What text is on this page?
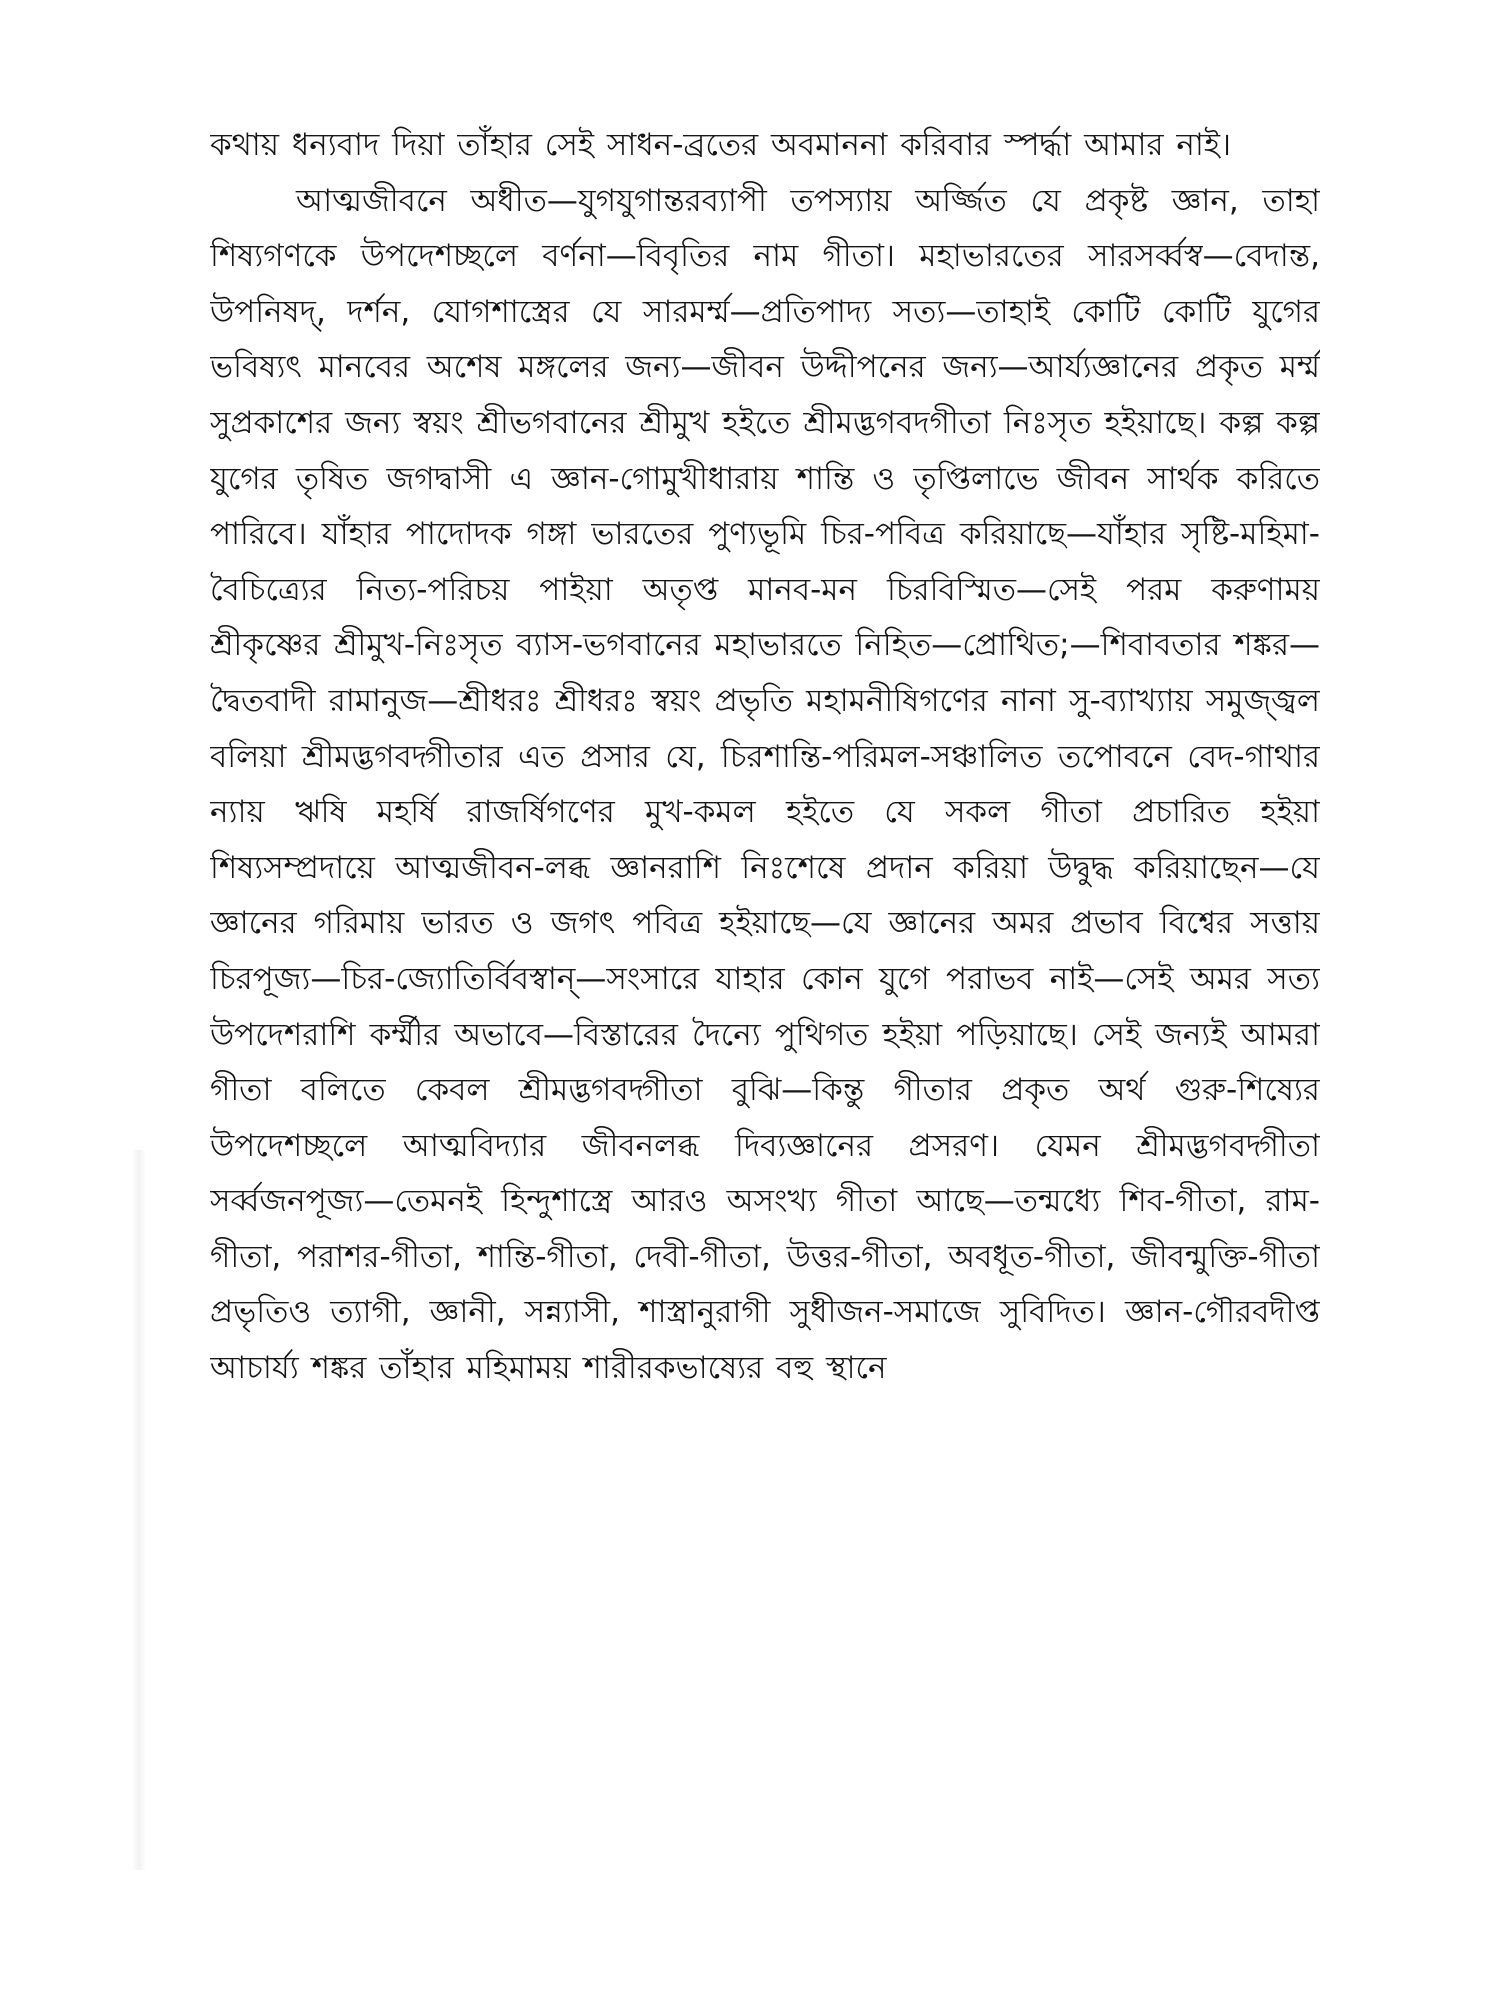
কথায় ধন্যবাদ দিয়া তাঁহার সেই সাধন-ব্রতের অবমাননা করিবার স্পর্দ্ধা আমার নাই।

আত্মজীবনে অধীত—যুগযুগান্তরব্যাপী তপস্যায় অর্জ্জিত যে প্রকৃষ্ট জ্ঞান, তাহা শিষ্যগণকে উপদেশচ্ছলে বর্ণনা—বিবৃতির নাম গীতা। মহাভারতের সারসর্ব্বস্ব—বেদান্ত, উপনিষদ্, দর্শন, যোগশাস্ত্রের যে সারমর্ম্ম—প্রতিপাদ্য সত্য—তাহাই কোটি কোটি যুগের ভবিষ্যৎ মানবের অশেষ মঙ্গলের জন্য—জীবন উদ্দীপনের জন্য—আর্য্যজ্ঞানের প্রকৃত মর্ম্ম সুপ্রকাশের জন্য স্বয়ং শ্রীভগবানের শ্রীমুখ হইতে শ্রীমদ্ভগবদগীতা নিঃসৃত হইয়াছে। কল্প কল্প যুগের তৃষিত জগদ্বাসী এ জ্ঞান-গোমুখীধারায় শান্তি ও তৃপ্তিলাভে জীবন সার্থক করিতে পারিবে। যাঁহার পাদোদক গঙ্গা ভারতের পুণ্যভূমি চির-পবিত্র করিয়াছে—যাঁহার সৃষ্টি-মহিমা-বৈচিত্র্যের নিত্য-পরিচয় পাইয়া অতৃপ্ত মানব-মন চিরবিস্মিত—সেই পরম করুণাময় শ্রীকৃষ্ণের শ্রীমুখ-নিঃসৃত ব্যাস-ভগবানের মহাভারতে নিহিত—প্রোথিত;—শিবাবতার শঙ্কর—দ্বৈতবাদী রামানুজ—শ্রীধরঃ শ্রীধরঃ স্বয়ং প্রভৃতি মহামনীষিগণের নানা সু-ব্যাখ্যায় সমুজ্জ্বল বলিয়া শ্রীমদ্ভগবদ্গীতার এত প্রসার যে, চিরশান্তি-পরিমল-সঞ্চালিত তপোবনে বেদ-গাথার ন্যায় ঋষি মহর্ষি রাজর্ষিগণের মুখ-কমল হইতে যে সকল গীতা প্রচারিত হইয়া শিষ্যসম্প্রদায়ে আত্মজীবন-লব্ধ জ্ঞানরাশি নিঃশেষে প্রদান করিয়া উদ্বুদ্ধ করিয়াছেন—যে জ্ঞানের গরিমায় ভারত ও জগৎ পবিত্র হইয়াছে—যে জ্ঞানের অমর প্রভাব বিশ্বের সত্তায় চিরপূজ্য—চির-জ্যোতির্বিবস্বান্—সংসারে যাহার কোন যুগে পরাভব নাই—সেই অমর সত্য উপদেশরাশি কর্ম্মীর অভাবে—বিস্তারের দৈন্যে পুথিগত হইয়া পড়িয়াছে। সেই জন্যই আমরা গীতা বলিতে কেবল শ্রীমদ্ভগবদ্গীতা বুঝি—কিন্তু গীতার প্রকৃত অর্থ গুরু-শিষ্যের উপদেশচ্ছলে আত্মবিদ্যার জীবনলব্ধ দিব্যজ্ঞানের প্রসরণ। যেমন শ্রীমদ্ভগবদ্গীতা সর্ব্বজনপূজ্য—তেমনই হিন্দুশাস্ত্রে আরও অসংখ্য গীতা আছে—তন্মধ্যে শিব-গীতা, রাম-গীতা, পরাশর-গীতা, শান্তি-গীতা, দেবী-গীতা, উত্তর-গীতা, অবধূত-গীতা, জীবন্মুক্তি-গীতা প্রভৃতিও ত্যাগী, জ্ঞানী, সন্ন্যাসী, শাস্ত্রানুরাগী সুধীজন-সমাজে সুবিদিত। জ্ঞান-গৌরবদীপ্ত আচার্য্য শঙ্কর তাঁহার মহিমাময় শারীরকভাষ্যের বহু স্থানে
